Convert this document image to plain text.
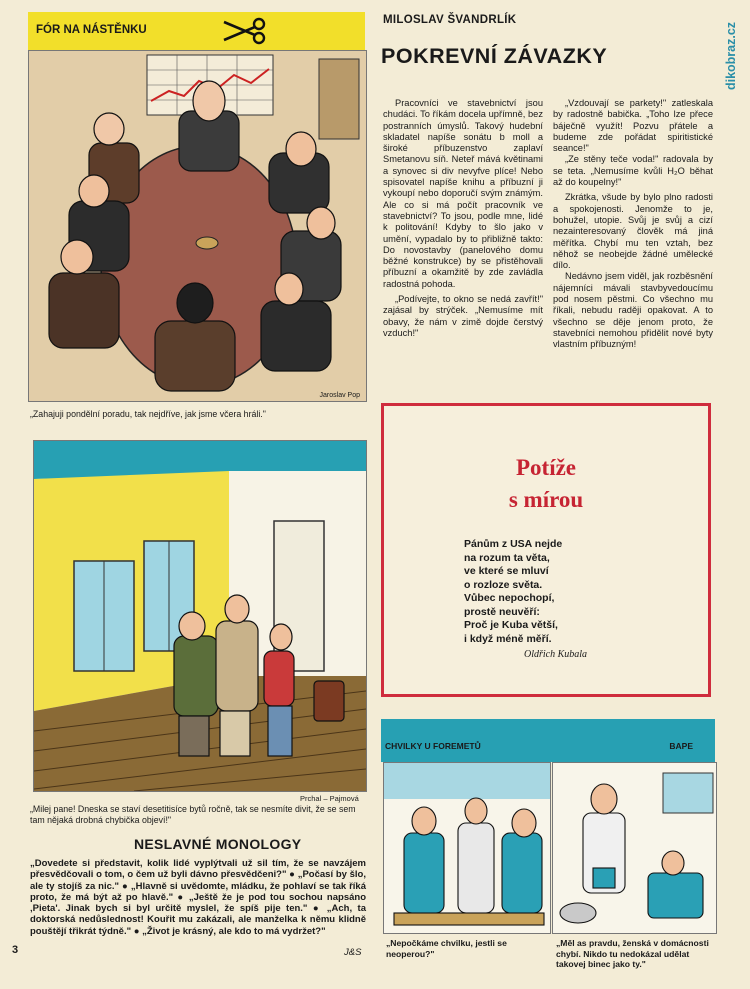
dikobraz.cz
FÓR NA NÁSTĚNKU
Jaroslav Pop
„Zahajuji pondělní poradu, tak nejdříve, jak jsme včera hráli."
MILOSLAV ŠVANDRLÍK
POKREVNÍ ZÁVAZKY

Pracovníci ve stavebnictví jsou chudáci. To říkám docela upřímně, bez postranních úmyslů. Takový hudební skladatel napíše sonátu b moll a široké příbuzenstvo zaplaví Smetanovu síň. Neteř mává květinami a synovec si div nevyfve plíce! Nebo spisovatel napíše knihu a příbuzní ji vykoupí nebo doporučí svým známým. Ale co si má počít pracovník ve stavebnictví? To jsou, podle mne, lidé k politování! Kdyby to šlo jako v umění, vypadalo by to přibližně takto: Do novostavby (panelového domu běžné konstrukce) by se přistěhovali příbuzní a okamžitě by zde zavládla radostná pohoda.

„Podívejte, to okno se nedá zavřít!" zajásal by strýček. „Nemusíme mít obavy, že nám v zimě dojde čerstvý vzduch!"

„Vzdouvají se parkety!" zatleskala by radostně babička. „Toho lze přece báječně využít! Pozvu přátele a budeme zde pořádat spiritistické seance!"

„Ze stěny teče voda!" radovala by se teta. „Nemusíme kvůli H₂O běhat až do koupelny!"

Zkrátka, všude by bylo plno radosti a spokojenosti. Jenomže to je, bohužel, utopie. Svůj je svůj a cizí nezainteresovaný člověk má jiná měřítka. Chybí mu ten vztah, bez něhož se neobejde žádné umělecké dílo.

Nedávno jsem viděl, jak rozběsnění nájemníci mávali stavbyvedoucímu pod nosem pěstmi. Co všechno mu říkali, nebudu raději opakovat. A to všechno se děje jenom proto, že stavebníci nemohou přidělit nové byty vlastním příbuzným!

Prchal – Pajmová
„Milej pane! Dneska se staví desetitisíce bytů ročně, tak se nesmíte divit, že se sem tam nějaká drobná chybička objeví!"
NESLAVNÉ MONOLOGY
„Dovedete si představit, kolik lidé vyplýtvali už sil tím, že se navzájem přesvědčovali o tom, o čem už byli dávno přesvědčeni?" ● „Počasí by šlo, ale ty stojíš za nic." ● „Hlavně si uvědomte, mládku, že pohlaví se tak říká proto, že má být až po hlavě." ● „Ještě že je pod tou sochou napsáno ‚Pieta'. Jinak bych si byl určitě myslel, že spíš pije ten." ● „Ach, ta doktorská nedůslednost! Kouřit mu zakázali, ale manželka k němu klidně pouštějí třikrát týdně." ● „Život je krásný, ale kdo to má vydržet?"
3	J&S
Potíže
s mírou
Pánům z USA nejde
na rozum ta věta,
ve které se mluví
o rozloze světa.
Vůbec nepochopí,
prostě neuvěří:
Proč je Kuba větší,
i když méně měří.
Oldřich Kubala
CHVILKY U FOREMETŮ	BAPE
„Nepočkáme chvilku, jestli se neoperou?"
„Měl as pravdu, ženská v domácnosti chybí. Nikdo tu nedokázal udělat takovej binec jako ty."
